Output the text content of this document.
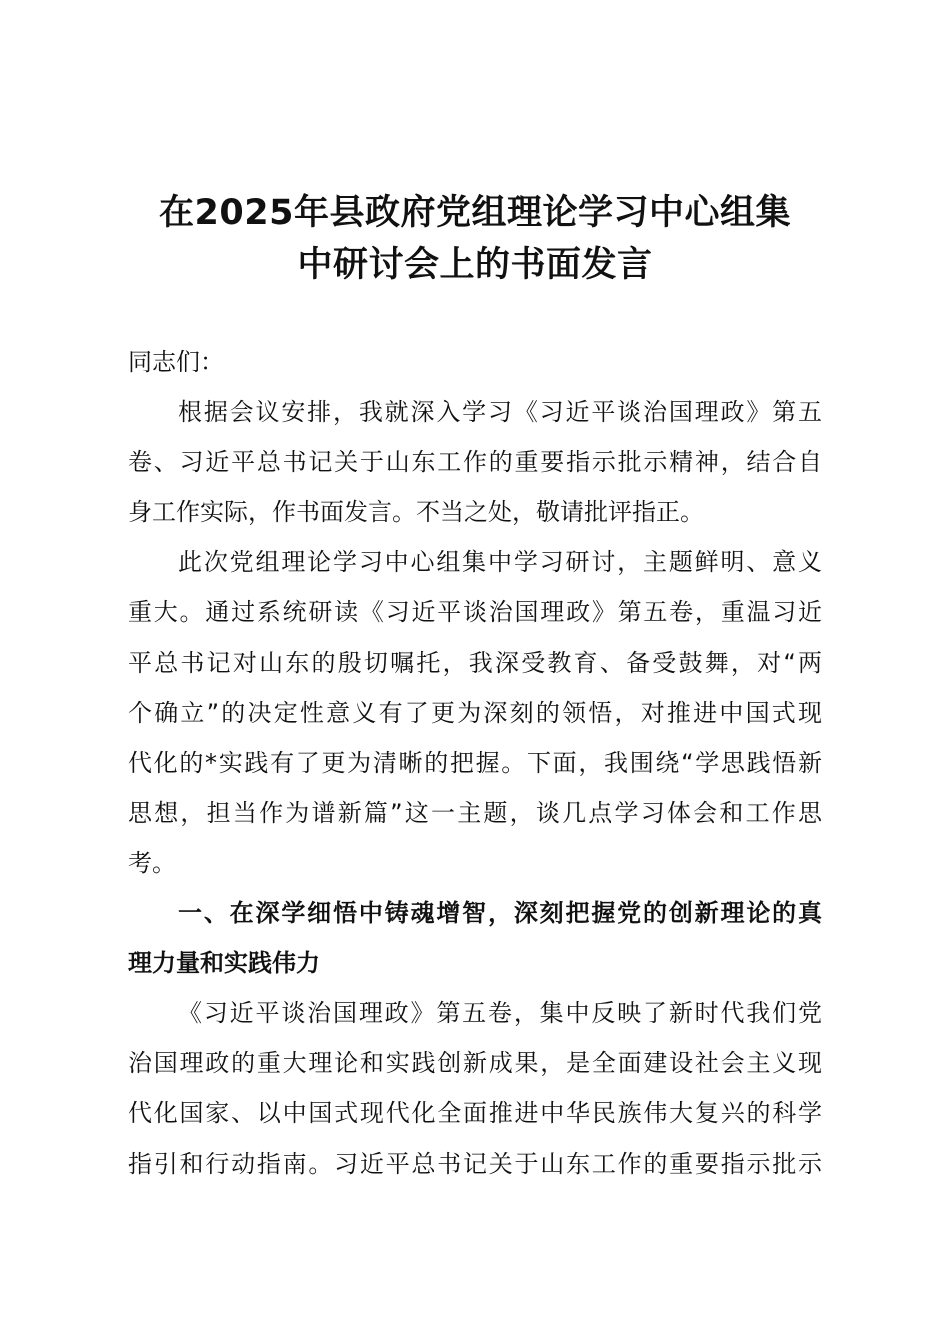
在2025年县政府党组理论学习中心组集
中研讨会上的书面发言
同志们：
根据会议安排，我就深入学习《习近平谈治国理政》第五
卷、习近平总书记关于山东工作的重要指示批示精神，结合自
身工作实际，作书面发言。不当之处，敬请批评指正。
此次党组理论学习中心组集中学习研讨，主题鲜明、意义
重大。通过系统研读《习近平谈治国理政》第五卷，重温习近
平总书记对山东的殷切嘱托，我深受教育、备受鼓舞，对“两
个确立”的决定性意义有了更为深刻的领悟，对推进中国式现
代化的*实践有了更为清晰的把握。下面，我围绕“学思践悟新
思想，担当作为谱新篇”这一主题，谈几点学习体会和工作思
考。
一、在深学细悟中铸魂增智，深刻把握党的创新理论的真
理力量和实践伟力
《习近平谈治国理政》第五卷，集中反映了新时代我们党
治国理政的重大理论和实践创新成果，是全面建设社会主义现
代化国家、以中国式现代化全面推进中华民族伟大复兴的科学
指引和行动指南。习近平总书记关于山东工作的重要指示批示
